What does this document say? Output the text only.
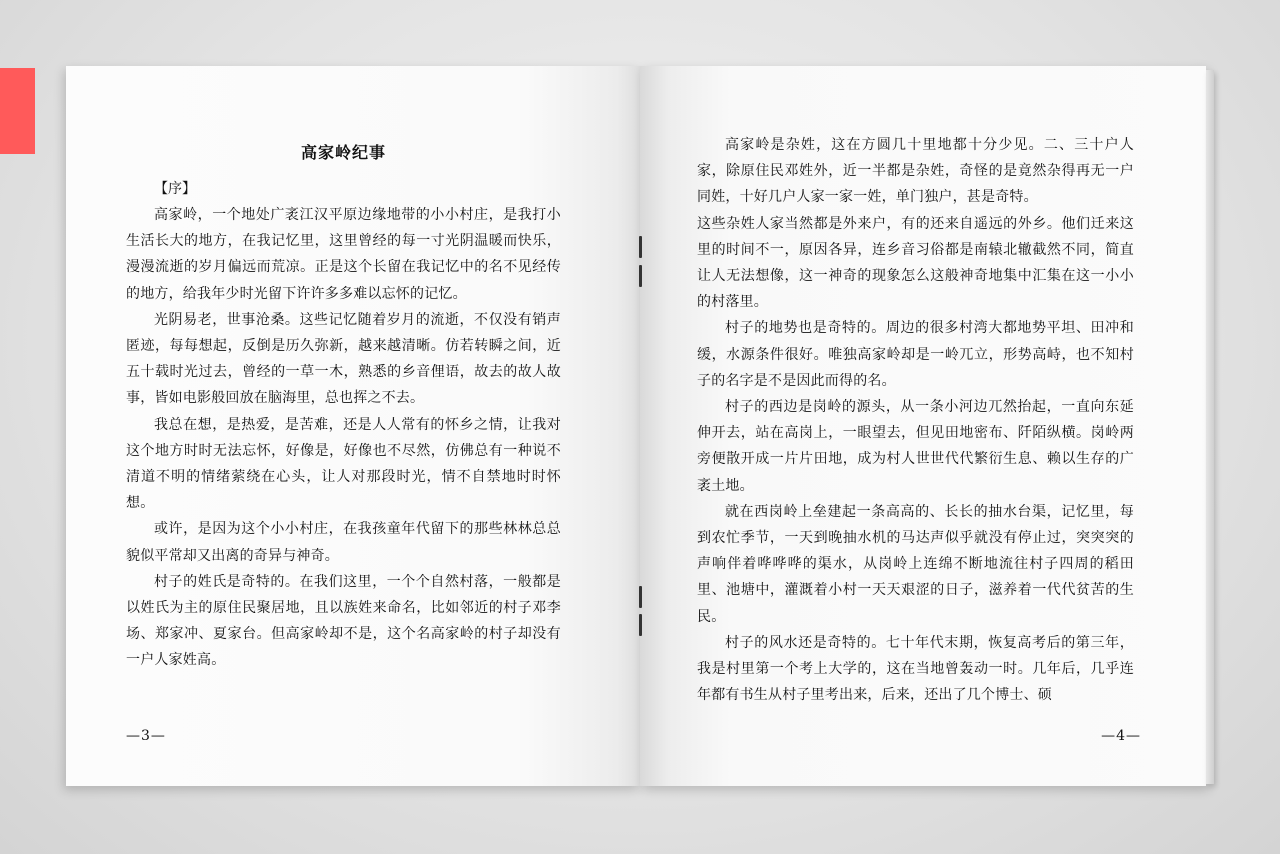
高家岭纪事
【序】

高家岭，一个地处广袤江汉平原边缘地带的小小村庄，是我打小生活长大的地方，在我记忆里，这里曾经的每一寸光阴温暖而快乐，漫漫流逝的岁月偏远而荒凉。正是这个长留在我记忆中的名不见经传的地方，给我年少时光留下许许多多难以忘怀的记忆。

光阴易老，世事沧桑。这些记忆随着岁月的流逝，不仅没有销声匿迹，每每想起，反倒是历久弥新，越来越清晰。仿若转瞬之间，近五十载时光过去，曾经的一草一木，熟悉的乡音俚语，故去的故人故事，皆如电影般回放在脑海里，总也挥之不去。

我总在想，是热爱，是苦难，还是人人常有的怀乡之情，让我对这个地方时时无法忘怀，好像是，好像也不尽然，仿佛总有一种说不清道不明的情绪萦绕在心头，让人对那段时光，情不自禁地时时怀想。

或许，是因为这个小小村庄，在我孩童年代留下的那些林林总总貌似平常却又出离的奇异与神奇。

村子的姓氏是奇特的。在我们这里，一个个自然村落，一般都是以姓氏为主的原住民聚居地，且以族姓来命名，比如邻近的村子邓李场、郑家冲、夏家台。但高家岭却不是，这个名高家岭的村子却没有一户人家姓高。

—3—

高家岭是杂姓，这在方圆几十里地都十分少见。二、三十户人家，除原住民邓姓外，近一半都是杂姓，奇怪的是竟然杂得再无一户同姓，十好几户人家一家一姓，单门独户，甚是奇特。

这些杂姓人家当然都是外来户，有的还来自遥远的外乡。他们迁来这里的时间不一，原因各异，连乡音习俗都是南辕北辙截然不同，简直让人无法想像，这一神奇的现象怎么这般神奇地集中汇集在这一小小的村落里。

村子的地势也是奇特的。周边的很多村湾大都地势平坦、田冲和缓，水源条件很好。唯独高家岭却是一岭兀立，形势高峙，也不知村子的名字是不是因此而得的名。

村子的西边是岗岭的源头，从一条小河边兀然抬起，一直向东延伸开去，站在高岗上，一眼望去，但见田地密布、阡陌纵横。岗岭两旁便散开成一片片田地，成为村人世世代代繁衍生息、赖以生存的广袤土地。

就在西岗岭上垒建起一条高高的、长长的抽水台渠，记忆里，每到农忙季节，一天到晚抽水机的马达声似乎就没有停止过，突突突的声响伴着哗哗哗的渠水，从岗岭上连绵不断地流往村子四周的稻田里、池塘中，灌溉着小村一天天艰涩的日子，滋养着一代代贫苦的生民。

村子的风水还是奇特的。七十年代末期，恢复高考后的第三年，我是村里第一个考上大学的，这在当地曾轰动一时。几年后，几乎连年都有书生从村子里考出来，后来，还出了几个博士、硕

—4—
